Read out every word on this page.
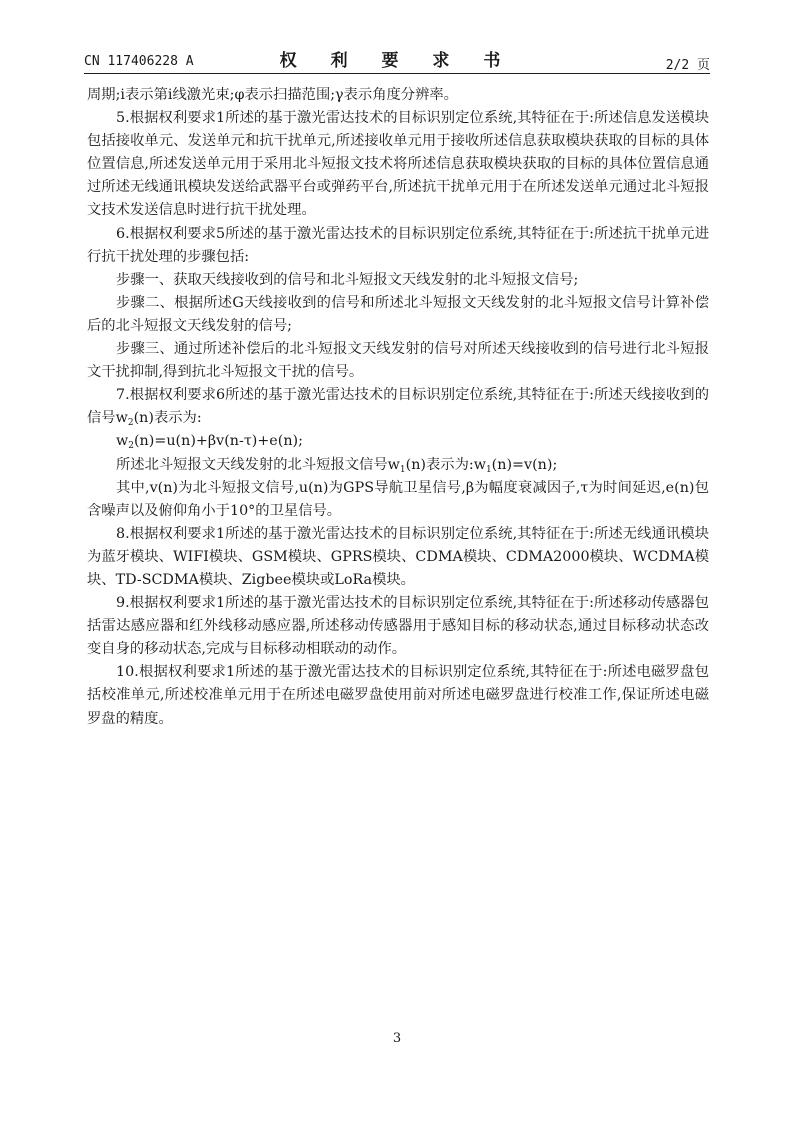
CN 117406228 A	权 利 要 求 书	2/2 页

周期;i表示第i线激光束;φ表示扫描范围;γ表示角度分辨率。

5.根据权利要求1所述的基于激光雷达技术的目标识别定位系统,其特征在于:所述信息发送模块包括接收单元、发送单元和抗干扰单元,所述接收单元用于接收所述信息获取模块获取的目标的具体位置信息,所述发送单元用于采用北斗短报文技术将所述信息获取模块获取的目标的具体位置信息通过所述无线通讯模块发送给武器平台或弹药平台,所述抗干扰单元用于在所述发送单元通过北斗短报文技术发送信息时进行抗干扰处理。

6.根据权利要求5所述的基于激光雷达技术的目标识别定位系统,其特征在于:所述抗干扰单元进行抗干扰处理的步骤包括:

步骤一、获取天线接收到的信号和北斗短报文天线发射的北斗短报文信号;

步骤二、根据所述G天线接收到的信号和所述北斗短报文天线发射的北斗短报文信号计算补偿后的北斗短报文天线发射的信号;

步骤三、通过所述补偿后的北斗短报文天线发射的信号对所述天线接收到的信号进行北斗短报文干扰抑制,得到抗北斗短报文干扰的信号。

7.根据权利要求6所述的基于激光雷达技术的目标识别定位系统,其特征在于:所述天线接收到的信号$w_2(n)$表示为:

$w_2(n)=u(n)+\beta v(n-\tau)+e(n)$;

所述北斗短报文天线发射的北斗短报文信号$w_1(n)$表示为$:w_1(n)=v(n)$;

其中,v(n)为北斗短报文信号,u(n)为GPS导航卫星信号,β为幅度衰减因子,τ为时间延迟,e(n)包含噪声以及俯仰角小于10°的卫星信号。

8.根据权利要求1所述的基于激光雷达技术的目标识别定位系统,其特征在于:所述无线通讯模块为蓝牙模块、WIFI模块、GSM模块、GPRS模块、CDMA模块、CDMA2000模块、WCDMA模块、TD-SCDMA模块、Zigbee模块或LoRa模块。

9.根据权利要求1所述的基于激光雷达技术的目标识别定位系统,其特征在于:所述移动传感器包括雷达感应器和红外线移动感应器,所述移动传感器用于感知目标的移动状态,通过目标移动状态改变自身的移动状态,完成与目标移动相联动的动作。

10.根据权利要求1所述的基于激光雷达技术的目标识别定位系统,其特征在于:所述电磁罗盘包括校准单元,所述校准单元用于在所述电磁罗盘使用前对所述电磁罗盘进行校准工作,保证所述电磁罗盘的精度。

3
